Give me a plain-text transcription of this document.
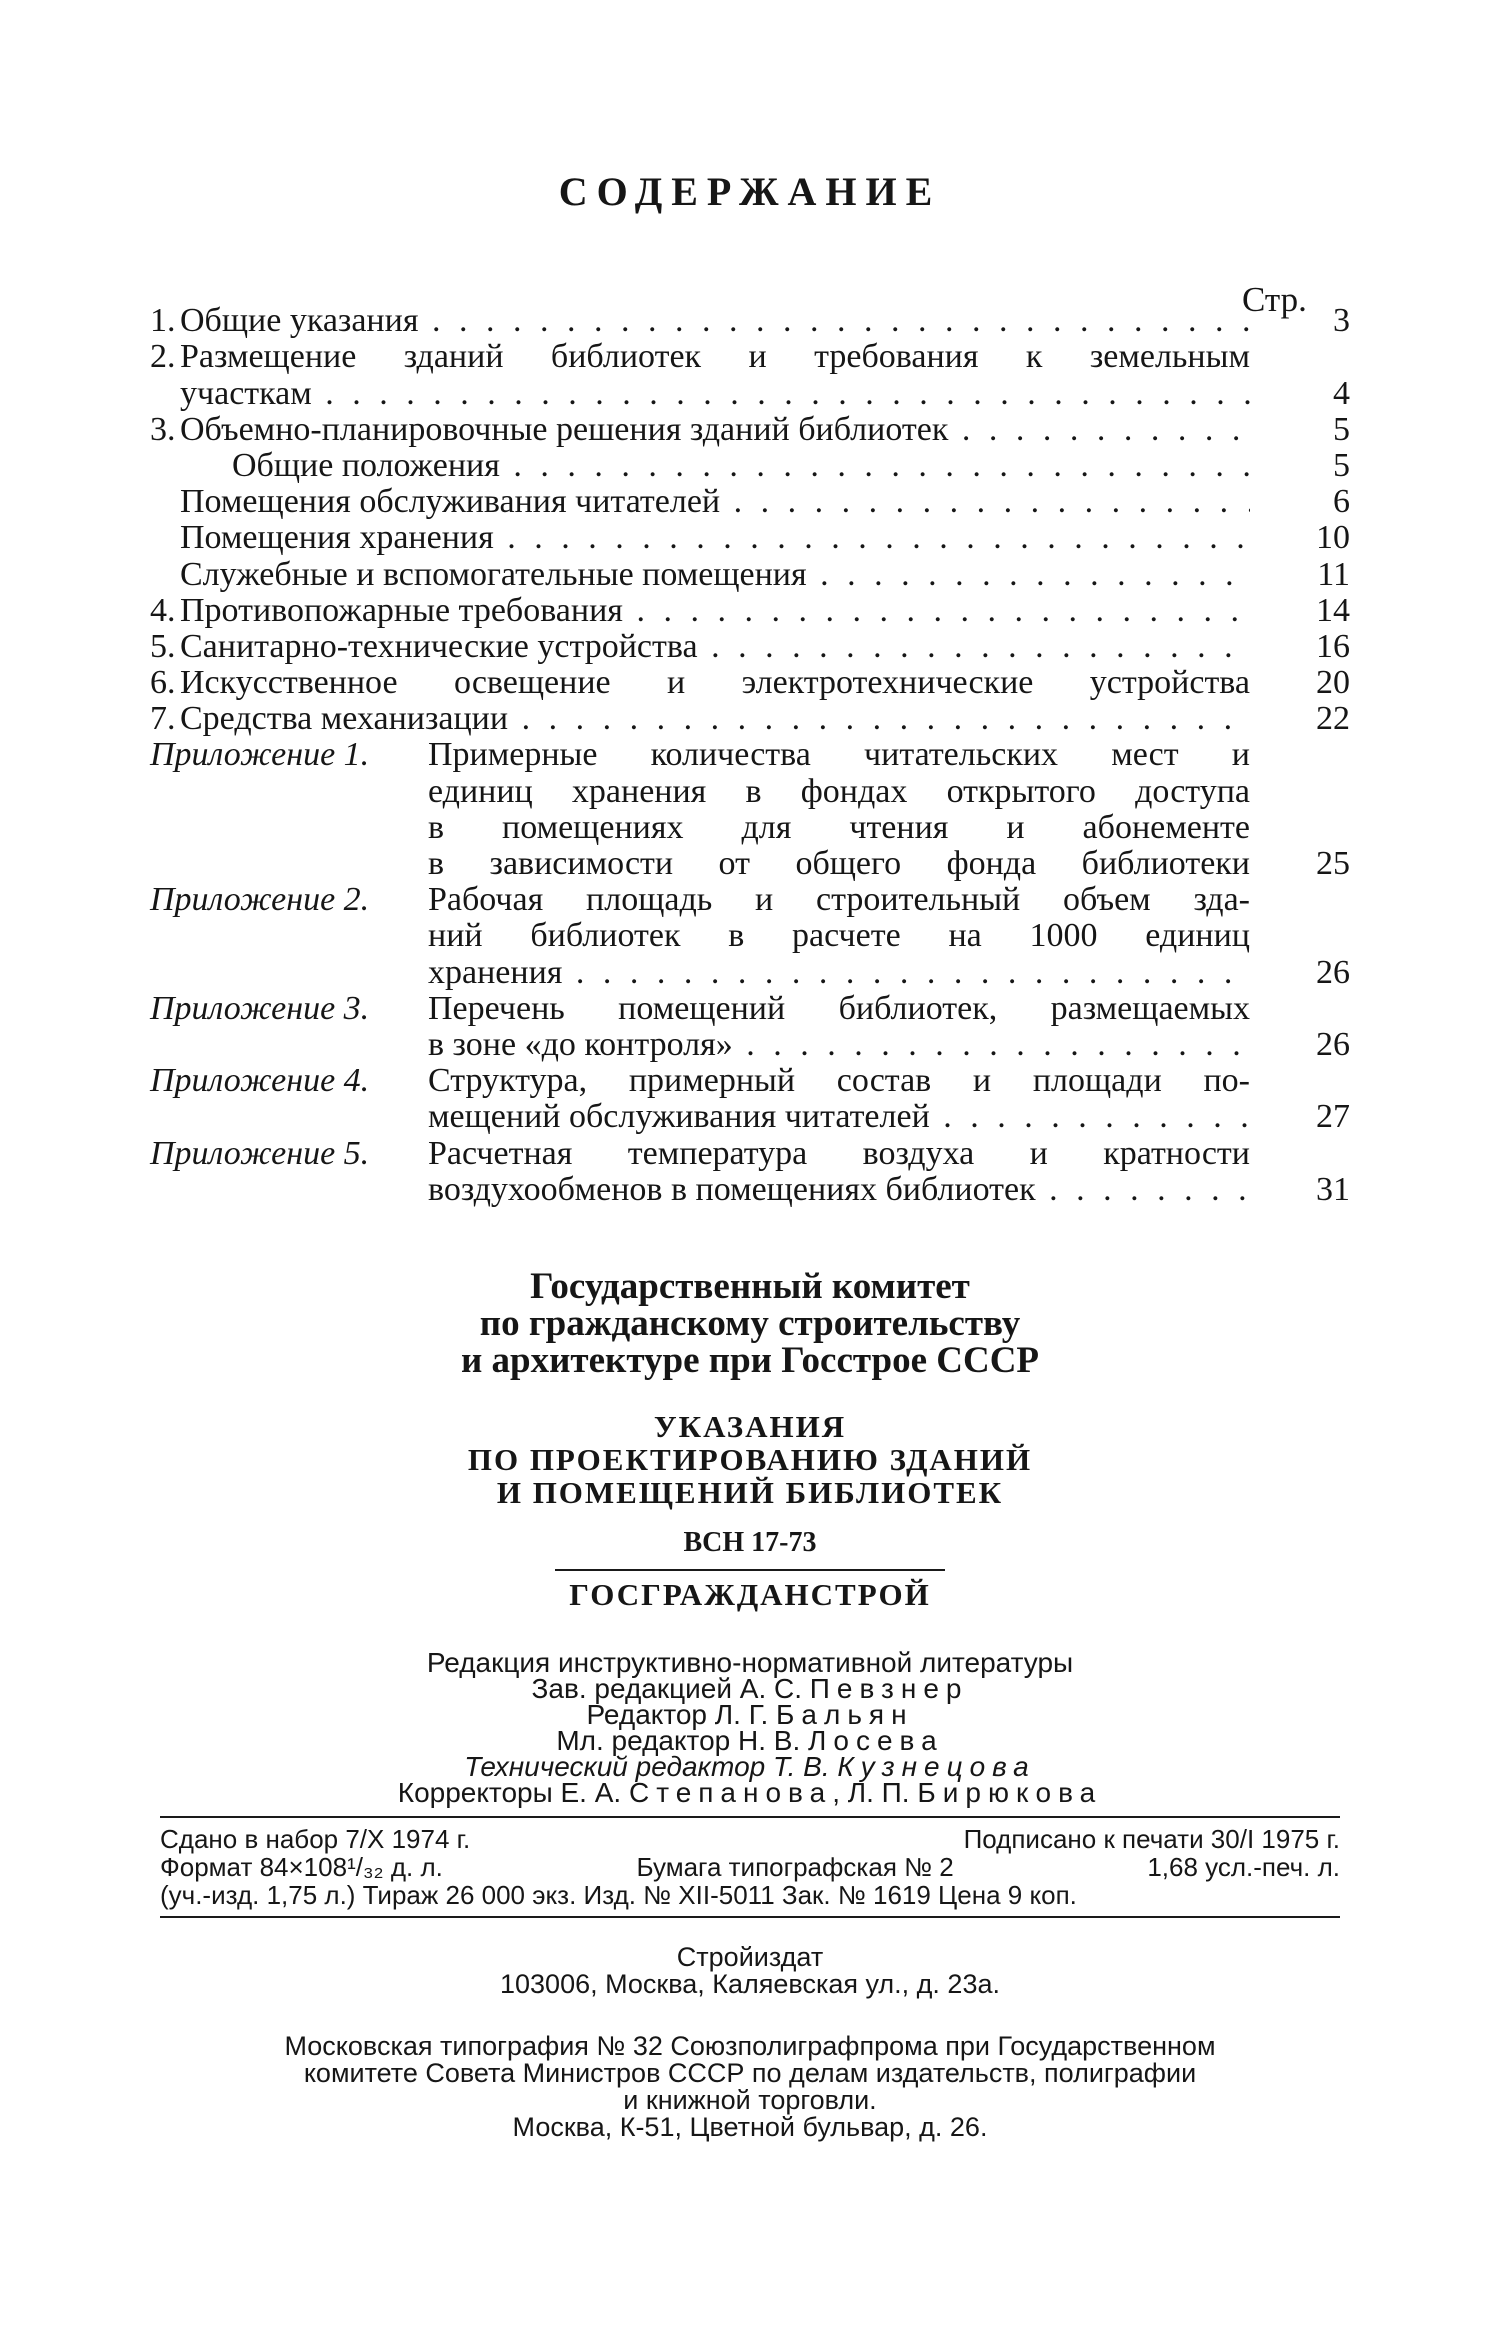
СОДЕРЖАНИЕ
Стр.
1. Общие указания . . .	3
2. Размещение зданий библиотек и требования к земельным
участкам . . .	4
3. Объемно-планировочные решения зданий библиотек . . .	5
Общие положения . . .	5
Помещения обслуживания читателей . . .	6
Помещения хранения . . .	10
Служебные и вспомогательные помещения . . .	11
4. Противопожарные требования . . .	14
5. Санитарно-технические устройства . . .	16
6. Искусственное освещение и электротехнические устройства	20
7. Средства механизации . . .	22
Приложение 1.	Примерные количества читательских мест и
единиц хранения в фондах открытого доступа
в помещениях для чтения и абонементе
в зависимости от общего фонда библиотеки	25
Приложение 2.	Рабочая площадь и строительный объем зда-
ний библиотек в расчете на 1000 единиц
хранения . . .	26
Приложение 3.	Перечень помещений библиотек, размещаемых
в зоне «до контроля» . . .	26
Приложение 4.	Структура, примерный состав и площади по-
мещений обслуживания читателей . . .	27
Приложение 5.	Расчетная температура воздуха и кратности
воздухообменов в помещениях библиотек . . .	31
Государственный комитет
по гражданскому строительству
и архитектуре при Госстрое СССР
УКАЗАНИЯ
ПО ПРОЕКТИРОВАНИЮ ЗДАНИЙ
И ПОМЕЩЕНИЙ БИБЛИОТЕК
ВСН 17-73
ГОСГРАЖДАНСТРОЙ
Редакция инструктивно-нормативной литературы
Зав. редакцией А. С. Певзнер
Редактор Л. Г. Бальян
Мл. редактор Н. В. Лосева
Технический редактор Т. В. Кузнецова
Корректоры Е. А. Степанова, Л. П. Бирюкова
Сдано в набор 7/X 1974 г.	Подписано к печати 30/I 1975 г.
Формат 84×108¹/₃₂ д. л.	Бумага типографская № 2	1,68 усл.-печ. л.
(уч.-изд. 1,75 л.) Тираж 26 000 экз. Изд. № XII-5011 Зак. № 1619 Цена 9 коп.
Стройиздат
103006, Москва, Каляевская ул., д. 23а.
Московская типография № 32 Союзполиграфпрома при Государственном
комитете Совета Министров СССР по делам издательств, полиграфии
и книжной торговли.
Москва, К-51, Цветной бульвар, д. 26.
